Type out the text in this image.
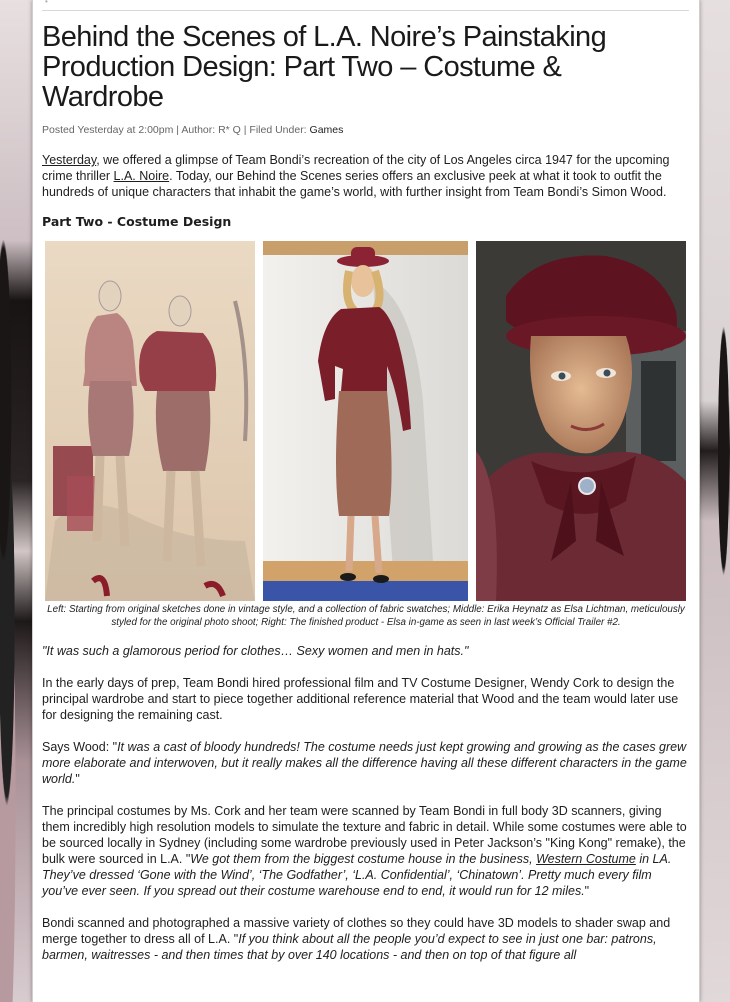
•
Behind the Scenes of L.A. Noire’s Painstaking Production Design: Part Two – Costume & Wardrobe
Posted Yesterday at 2:00pm | Author: R* Q | Filed Under: Games

Yesterday, we offered a glimpse of Team Bondi’s recreation of the city of Los Angeles circa 1947 for the upcoming crime thriller L.A. Noire. Today, our Behind the Scenes series offers an exclusive peek at what it took to outfit the hundreds of unique characters that inhabit the game’s world, with further insight from Team Bondi’s Simon Wood.

Part Two - Costume Design
Left: Starting from original sketches done in vintage style, and a collection of fabric swatches; Middle: Erika Heynatz as Elsa Lichtman, meticulously styled for the original photo shoot; Right: The finished product - Elsa in-game as seen in last week’s Official Trailer #2.

"It was such a glamorous period for clothes… Sexy women and men in hats."

In the early days of prep, Team Bondi hired professional film and TV Costume Designer, Wendy Cork to design the principal wardrobe and start to piece together additional reference material that Wood and the team would later use for designing the remaining cast.

Says Wood: "It was a cast of bloody hundreds! The costume needs just kept growing and growing as the cases grew more elaborate and interwoven, but it really makes all the difference having all these different characters in the game world."

The principal costumes by Ms. Cork and her team were scanned by Team Bondi in full body 3D scanners, giving them incredibly high resolution models to simulate the texture and fabric in detail. While some costumes were able to be sourced locally in Sydney (including some wardrobe previously used in Peter Jackson’s "King Kong" remake), the bulk were sourced in L.A. "We got them from the biggest costume house in the business, Western Costume in LA. They’ve dressed ‘Gone with the Wind’, ‘The Godfather’, ‘L.A. Confidential’, ‘Chinatown’. Pretty much every film you’ve ever seen. If you spread out their costume warehouse end to end, it would run for 12 miles."

Bondi scanned and photographed a massive variety of clothes so they could have 3D models to shader swap and merge together to dress all of L.A. "If you think about all the people you’d expect to see in just one bar: patrons, barmen, waitresses - and then times that by over 140 locations - and then on top of that figure all
